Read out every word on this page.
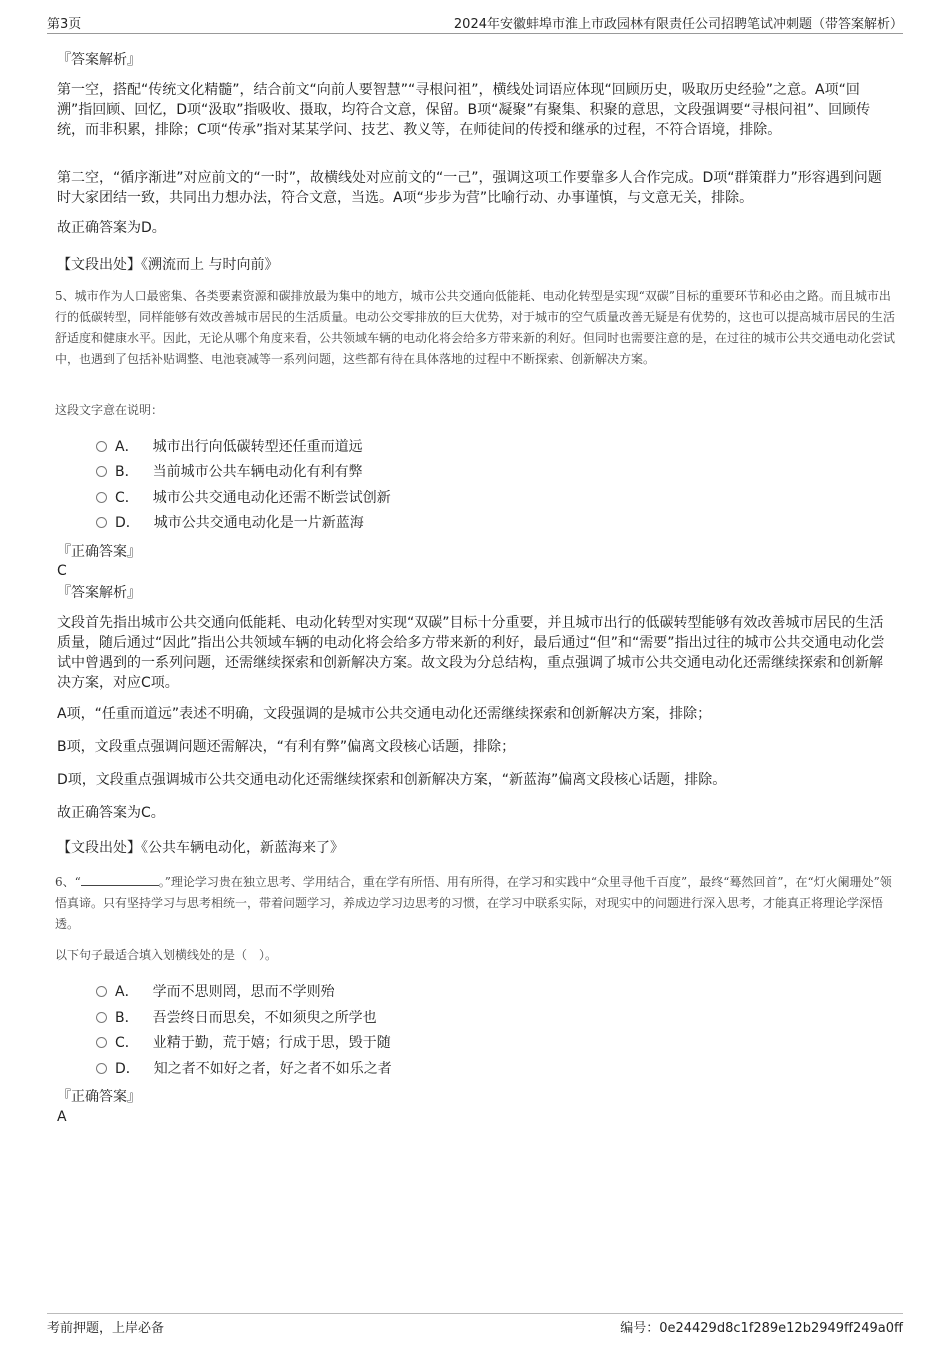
第3页	2024年安徽蚌埠市淮上市政园林有限责任公司招聘笔试冲刺题（带答案解析）

『答案解析』

第一空，搭配“传统文化精髓”，结合前文“向前人要智慧”“寻根问祖”，横线处词语应体现“回顾历史，吸取历史经验”之意。A项“回溯”指回顾、回忆，D项“汲取”指吸收、摄取，均符合文意，保留。B项“凝聚”有聚集、积聚的意思，文段强调要“寻根问祖”、回顾传统，而非积累，排除；C项“传承”指对某某学问、技艺、教义等，在师徒间的传授和继承的过程，不符合语境，排除。

第二空，“循序渐进”对应前文的“一时”，故横线处对应前文的“一己”，强调这项工作要靠多人合作完成。D项“群策群力”形容遇到问题时大家团结一致，共同出力想办法，符合文意，当选。A项“步步为营”比喻行动、办事谨慎，与文意无关，排除。

故正确答案为D。

【文段出处】《溯流而上 与时向前》

5、城市作为人口最密集、各类要素资源和碳排放最为集中的地方，城市公共交通向低能耗、电动化转型是实现“双碳”目标的重要环节和必由之路。而且城市出行的低碳转型，同样能够有效改善城市居民的生活质量。电动公交零排放的巨大优势，对于城市的空气质量改善无疑是有优势的，这也可以提高城市居民的生活舒适度和健康水平。因此，无论从哪个角度来看，公共领域车辆的电动化将会给多方带来新的利好。但同时也需要注意的是，在过往的城市公共交通电动化尝试中，也遇到了包括补贴调整、电池衰减等一系列问题，这些都有待在具体落地的过程中不断探索、创新解决方案。

这段文字意在说明：

A． 城市出行向低碳转型还任重而道远
B． 当前城市公共车辆电动化有利有弊
C． 城市公共交通电动化还需不断尝试创新
D． 城市公共交通电动化是一片新蓝海

『正确答案』

C

『答案解析』

文段首先指出城市公共交通向低能耗、电动化转型对实现“双碳”目标十分重要，并且城市出行的低碳转型能够有效改善城市居民的生活质量，随后通过“因此”指出公共领域车辆的电动化将会给多方带来新的利好，最后通过“但”和“需要”指出过往的城市公共交通电动化尝试中曾遇到的一系列问题，还需继续探索和创新解决方案。故文段为分总结构，重点强调了城市公共交通电动化还需继续探索和创新解决方案，对应C项。

A项，“任重而道远”表述不明确，文段强调的是城市公共交通电动化还需继续探索和创新解决方案，排除；

B项，文段重点强调问题还需解决，“有利有弊”偏离文段核心话题，排除；

D项，文段重点强调城市公共交通电动化还需继续探索和创新解决方案，“新蓝海”偏离文段核心话题，排除。

故正确答案为C。

【文段出处】《公共车辆电动化，新蓝海来了》

6、“	。”理论学习贵在独立思考、学用结合，重在学有所悟、用有所得，在学习和实践中“众里寻他千百度”，最终“蓦然回首”，在“灯火阑珊处”领悟真谛。只有坚持学习与思考相统一，带着问题学习，养成边学习边思考的习惯，在学习中联系实际，对现实中的问题进行深入思考，才能真正将理论学深悟透。

以下句子最适合填入划横线处的是（　）。

A． 学而不思则罔，思而不学则殆
B． 吾尝终日而思矣，不如须臾之所学也
C． 业精于勤，荒于嬉；行成于思，毁于随
D． 知之者不如好之者，好之者不如乐之者

『正确答案』

A

考前押题，上岸必备	编号：0e24429d8c1f289e12b2949ff249a0ff
